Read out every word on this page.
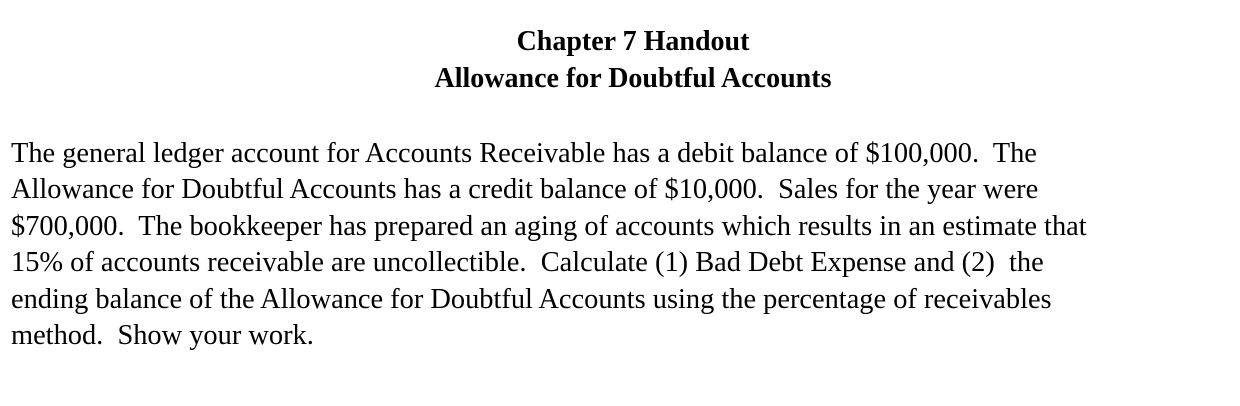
Chapter 7 Handout
Allowance for Doubtful Accounts
The general ledger account for Accounts Receivable has a debit balance of $100,000.  The
Allowance for Doubtful Accounts has a credit balance of $10,000.  Sales for the year were
$700,000.  The bookkeeper has prepared an aging of accounts which results in an estimate that
15% of accounts receivable are uncollectible.  Calculate (1) Bad Debt Expense and (2)  the
ending balance of the Allowance for Doubtful Accounts using the percentage of receivables
method.  Show your work.
